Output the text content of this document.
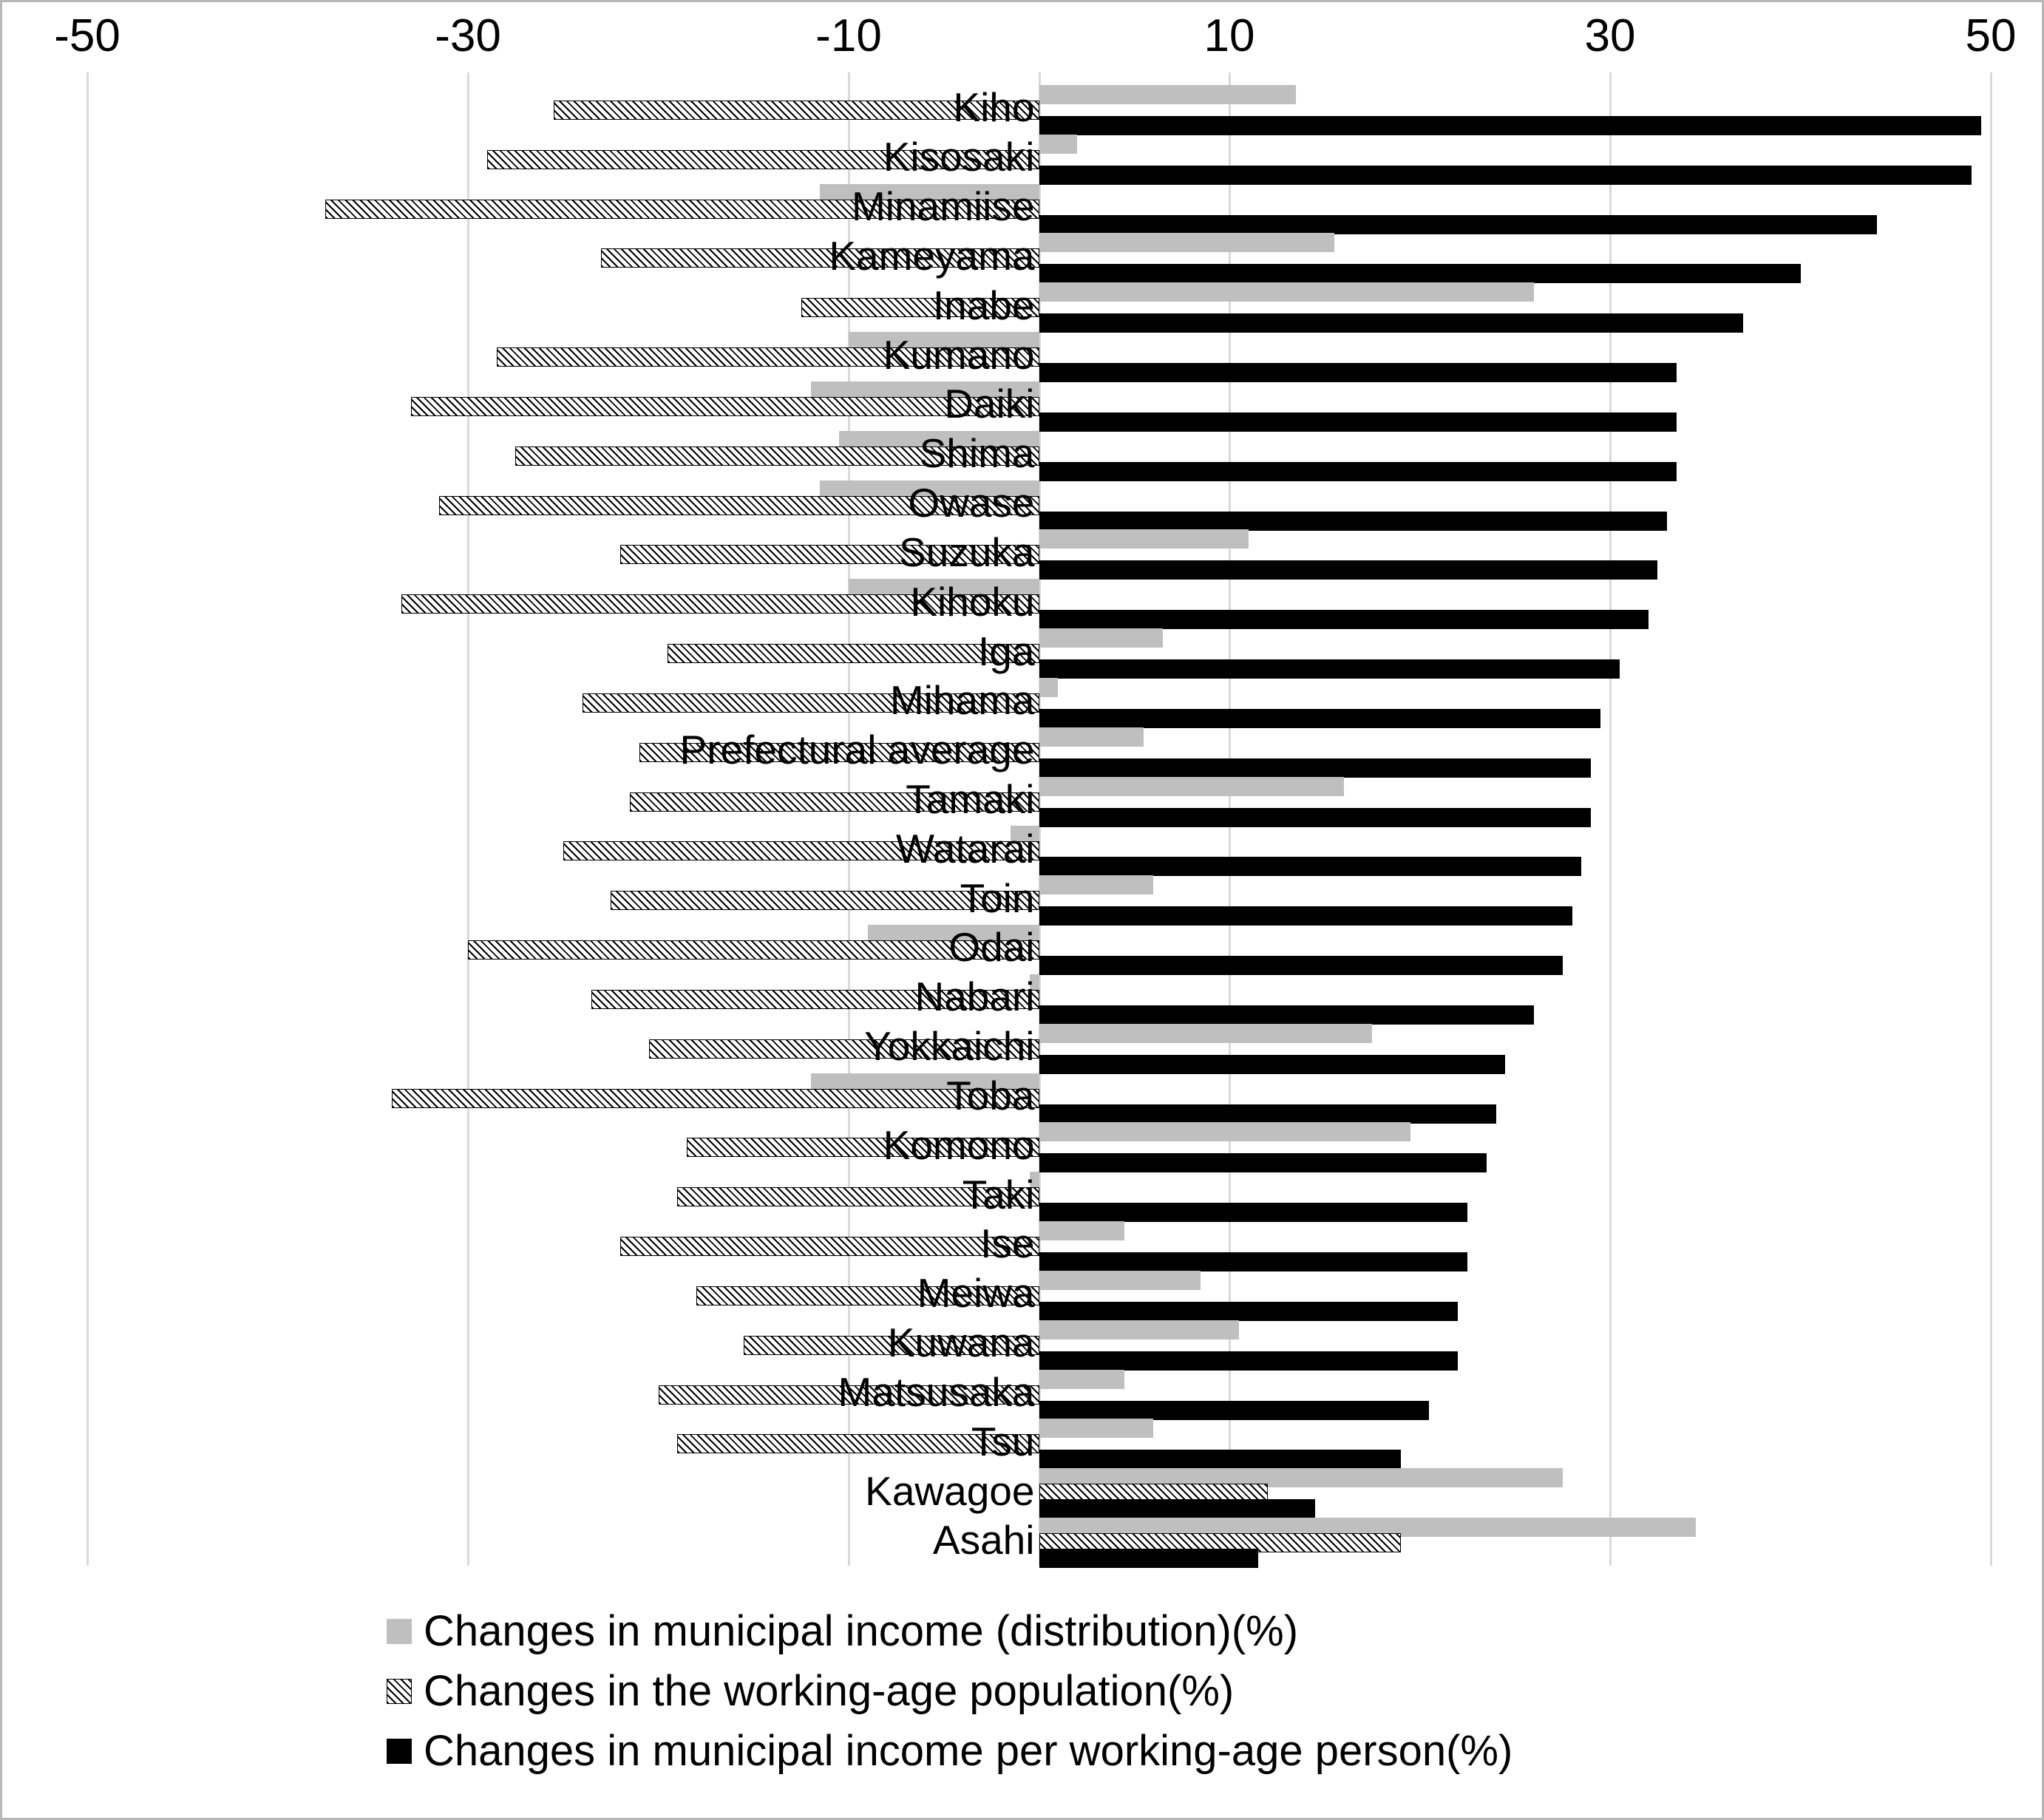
-50	-30	-10	10	30	50
Kiho
Kisosaki
Minamiise
Kameyama
Inabe
Kumano
Daiki
Shima
Owase
Suzuka
Kihoku
Iga
Mihama
Prefectural average
Tamaki
Watarai
Toin
Odai
Nabari
Yokkaichi
Toba
Komono
Taki
Ise
Meiwa
Kuwana
Matsusaka
Tsu
Kawagoe
Asahi
Changes in municipal income (distribution)(%)
Changes in the working-age population(%)
Changes in municipal income per working-age person(%)
